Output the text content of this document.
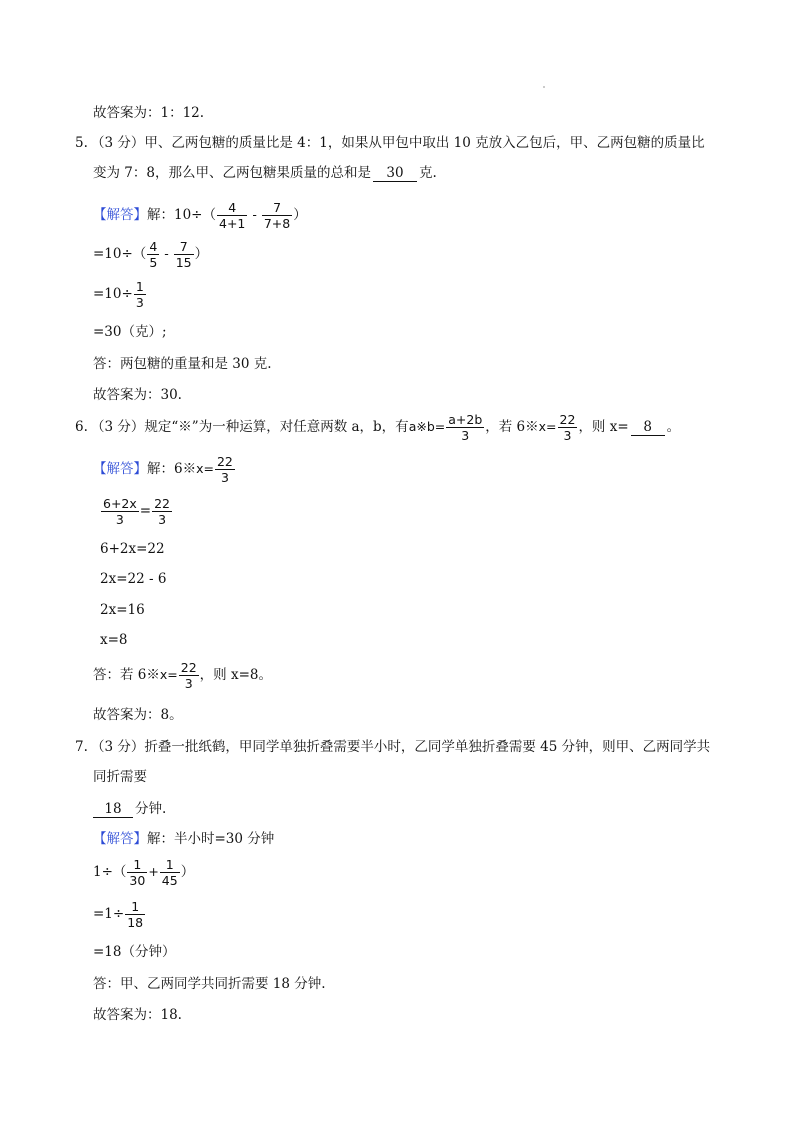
故答案为：1：12.
5. （3 分）甲、乙两包糖的质量比是 4：1，如果从甲包中取出 10 克放入乙包后，甲、乙两包糖的质量比
变为 7：8，那么甲、乙两包糖果质量的总和是 30 克.
【解答】解：$10\div( \frac{4}{4+1} - \frac{7}{7+8}$ ）
$=10\div( \frac{4}{5} - \frac{7}{15}$ ）
$=10\div \frac{1}{3}$
=30（克）;
答：两包糖的重量和是 30 克.
故答案为：30.
6. （3 分）规定“※”为一种运算，对任意两数 a，b，有a※b= $\frac{a+2b}{3}$ ，若 6※x= $\frac{22}{3}$ ，则 x= 8 。
【解答】解：6※x= $\frac{22}{3}$
$\frac{6+2x}{3} = \frac{22}{3}$
6+2x=22
2x=22 - 6
2x=16
x=8
答：若 6※x= $\frac{22}{3}$ ，则 x=8。
故答案为：8。
7. （3 分）折叠一批纸鹤，甲同学单独折叠需要半小时，乙同学单独折叠需要 45 分钟，则甲、乙两同学共
同折需要
18 分钟.
【解答】解：半小时=30 分钟
$1\div( \frac{1}{30} + \frac{1}{45}$ ）
$=1\div \frac{1}{18}$
=18（分钟）
答：甲、乙两同学共同折需要 18 分钟.
故答案为：18.
